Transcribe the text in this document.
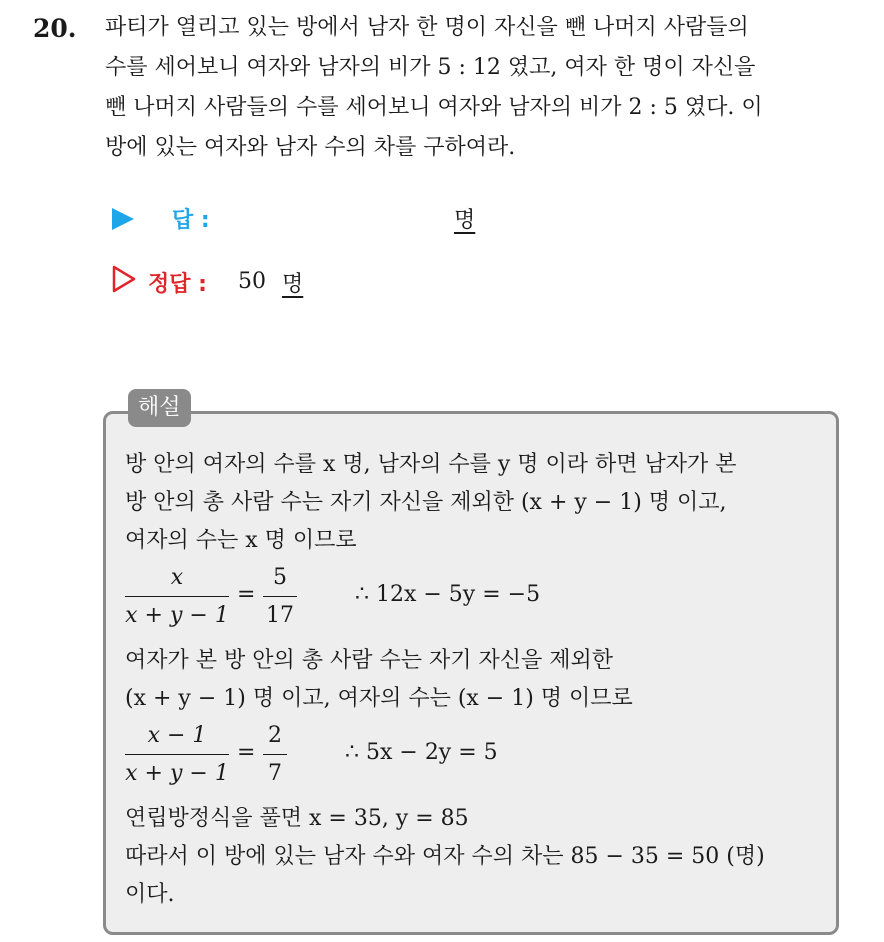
20. 파티가 열리고 있는 방에서 남자 한 명이 자신을 뺀 나머지 사람들의
수를 세어보니 여자와 남자의 비가 5 : 12 였고, 여자 한 명이 자신을
뺀 나머지 사람들의 수를 세어보니 여자와 남자의 비가 2 : 5 였다. 이
방에 있는 여자와 남자 수의 차를 구하여라.
답 :	명
정답 : 50 명
해설
방 안의 여자의 수를 x 명, 남자의 수를 y 명 이라 하면 남자가 본
방 안의 총 사람 수는 자기 자신을 제외한 (x + y − 1) 명 이고,
여자의 수는 x 명 이므로
x
x + y − 1
=
5
17
∴ 12x − 5y = −5
여자가 본 방 안의 총 사람 수는 자기 자신을 제외한
(x + y − 1) 명 이고, 여자의 수는 (x − 1) 명 이므로
x − 1
x + y − 1
=
2
7
∴ 5x − 2y = 5
연립방정식을 풀면 x = 35, y = 85
따라서 이 방에 있는 남자 수와 여자 수의 차는 85 − 35 = 50 (명)
이다.
